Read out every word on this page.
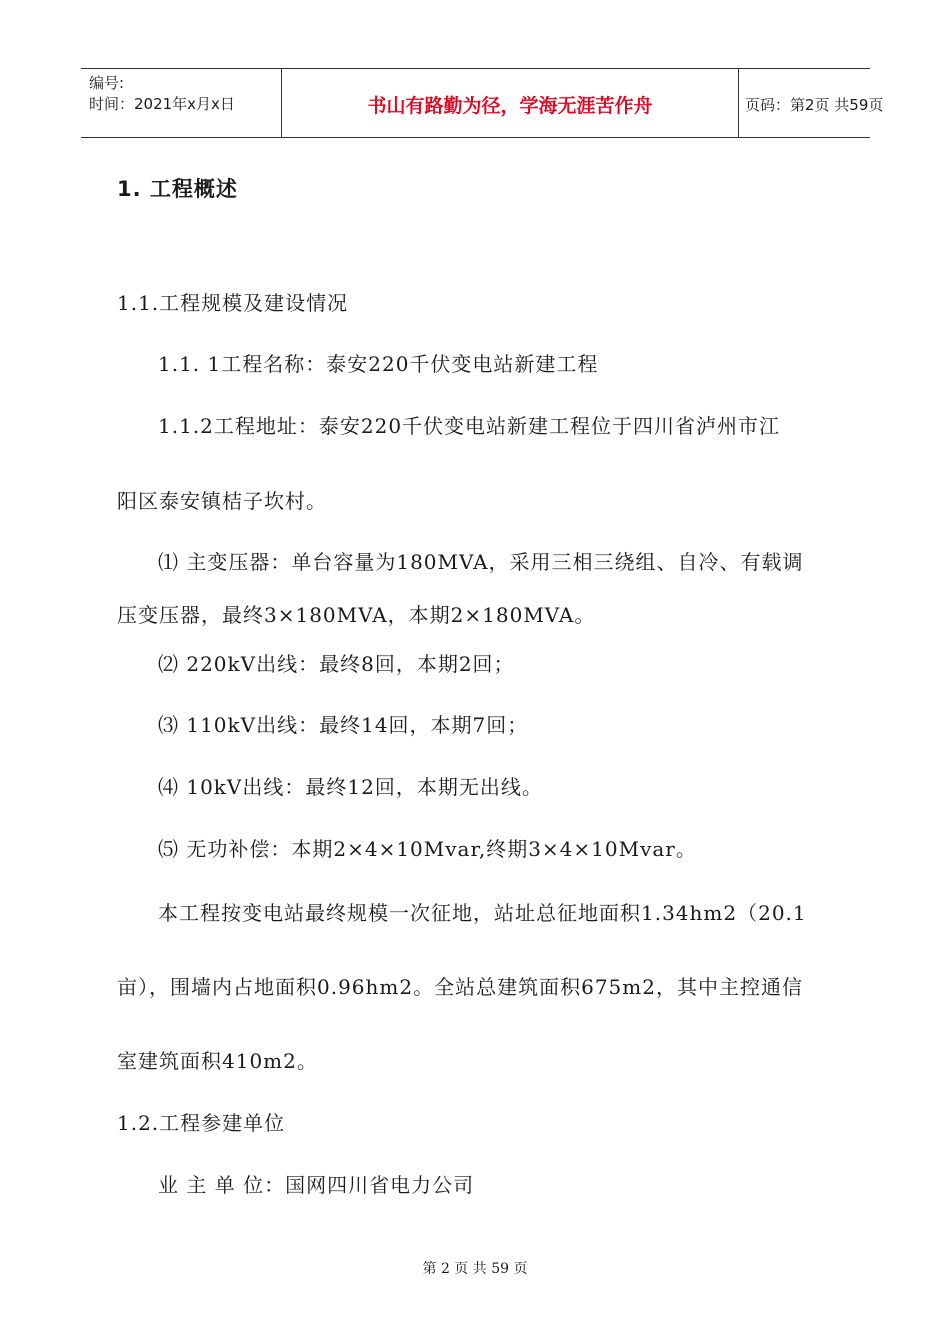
编号:
时间：2021年x月x日	书山有路勤为径，学海无涯苦作舟	页码：第2页 共59页
1. 工程概述
1.1.工程规模及建设情况
1.1. 1工程名称：泰安220千伏变电站新建工程
1.1.2工程地址：泰安220千伏变电站新建工程位于四川省泸州市江
阳区泰安镇桔子坎村。
⑴ 主变压器：单台容量为180MVA，采用三相三绕组、自冷、有载调
压变压器，最终3×180MVA，本期2×180MVA。
⑵ 220kV出线：最终8回，本期2回；
⑶ 110kV出线：最终14回，本期7回；
⑷ 10kV出线：最终12回，本期无出线。
⑸ 无功补偿：本期2×4×10Mvar,终期3×4×10Mvar。
本工程按变电站最终规模一次征地，站址总征地面积1.34hm2（20.1
亩），围墙内占地面积0.96hm2。全站总建筑面积675m2，其中主控通信
室建筑面积410m2。
1.2.工程参建单位
业 主 单 位：国网四川省电力公司
第 2 页 共 59 页
